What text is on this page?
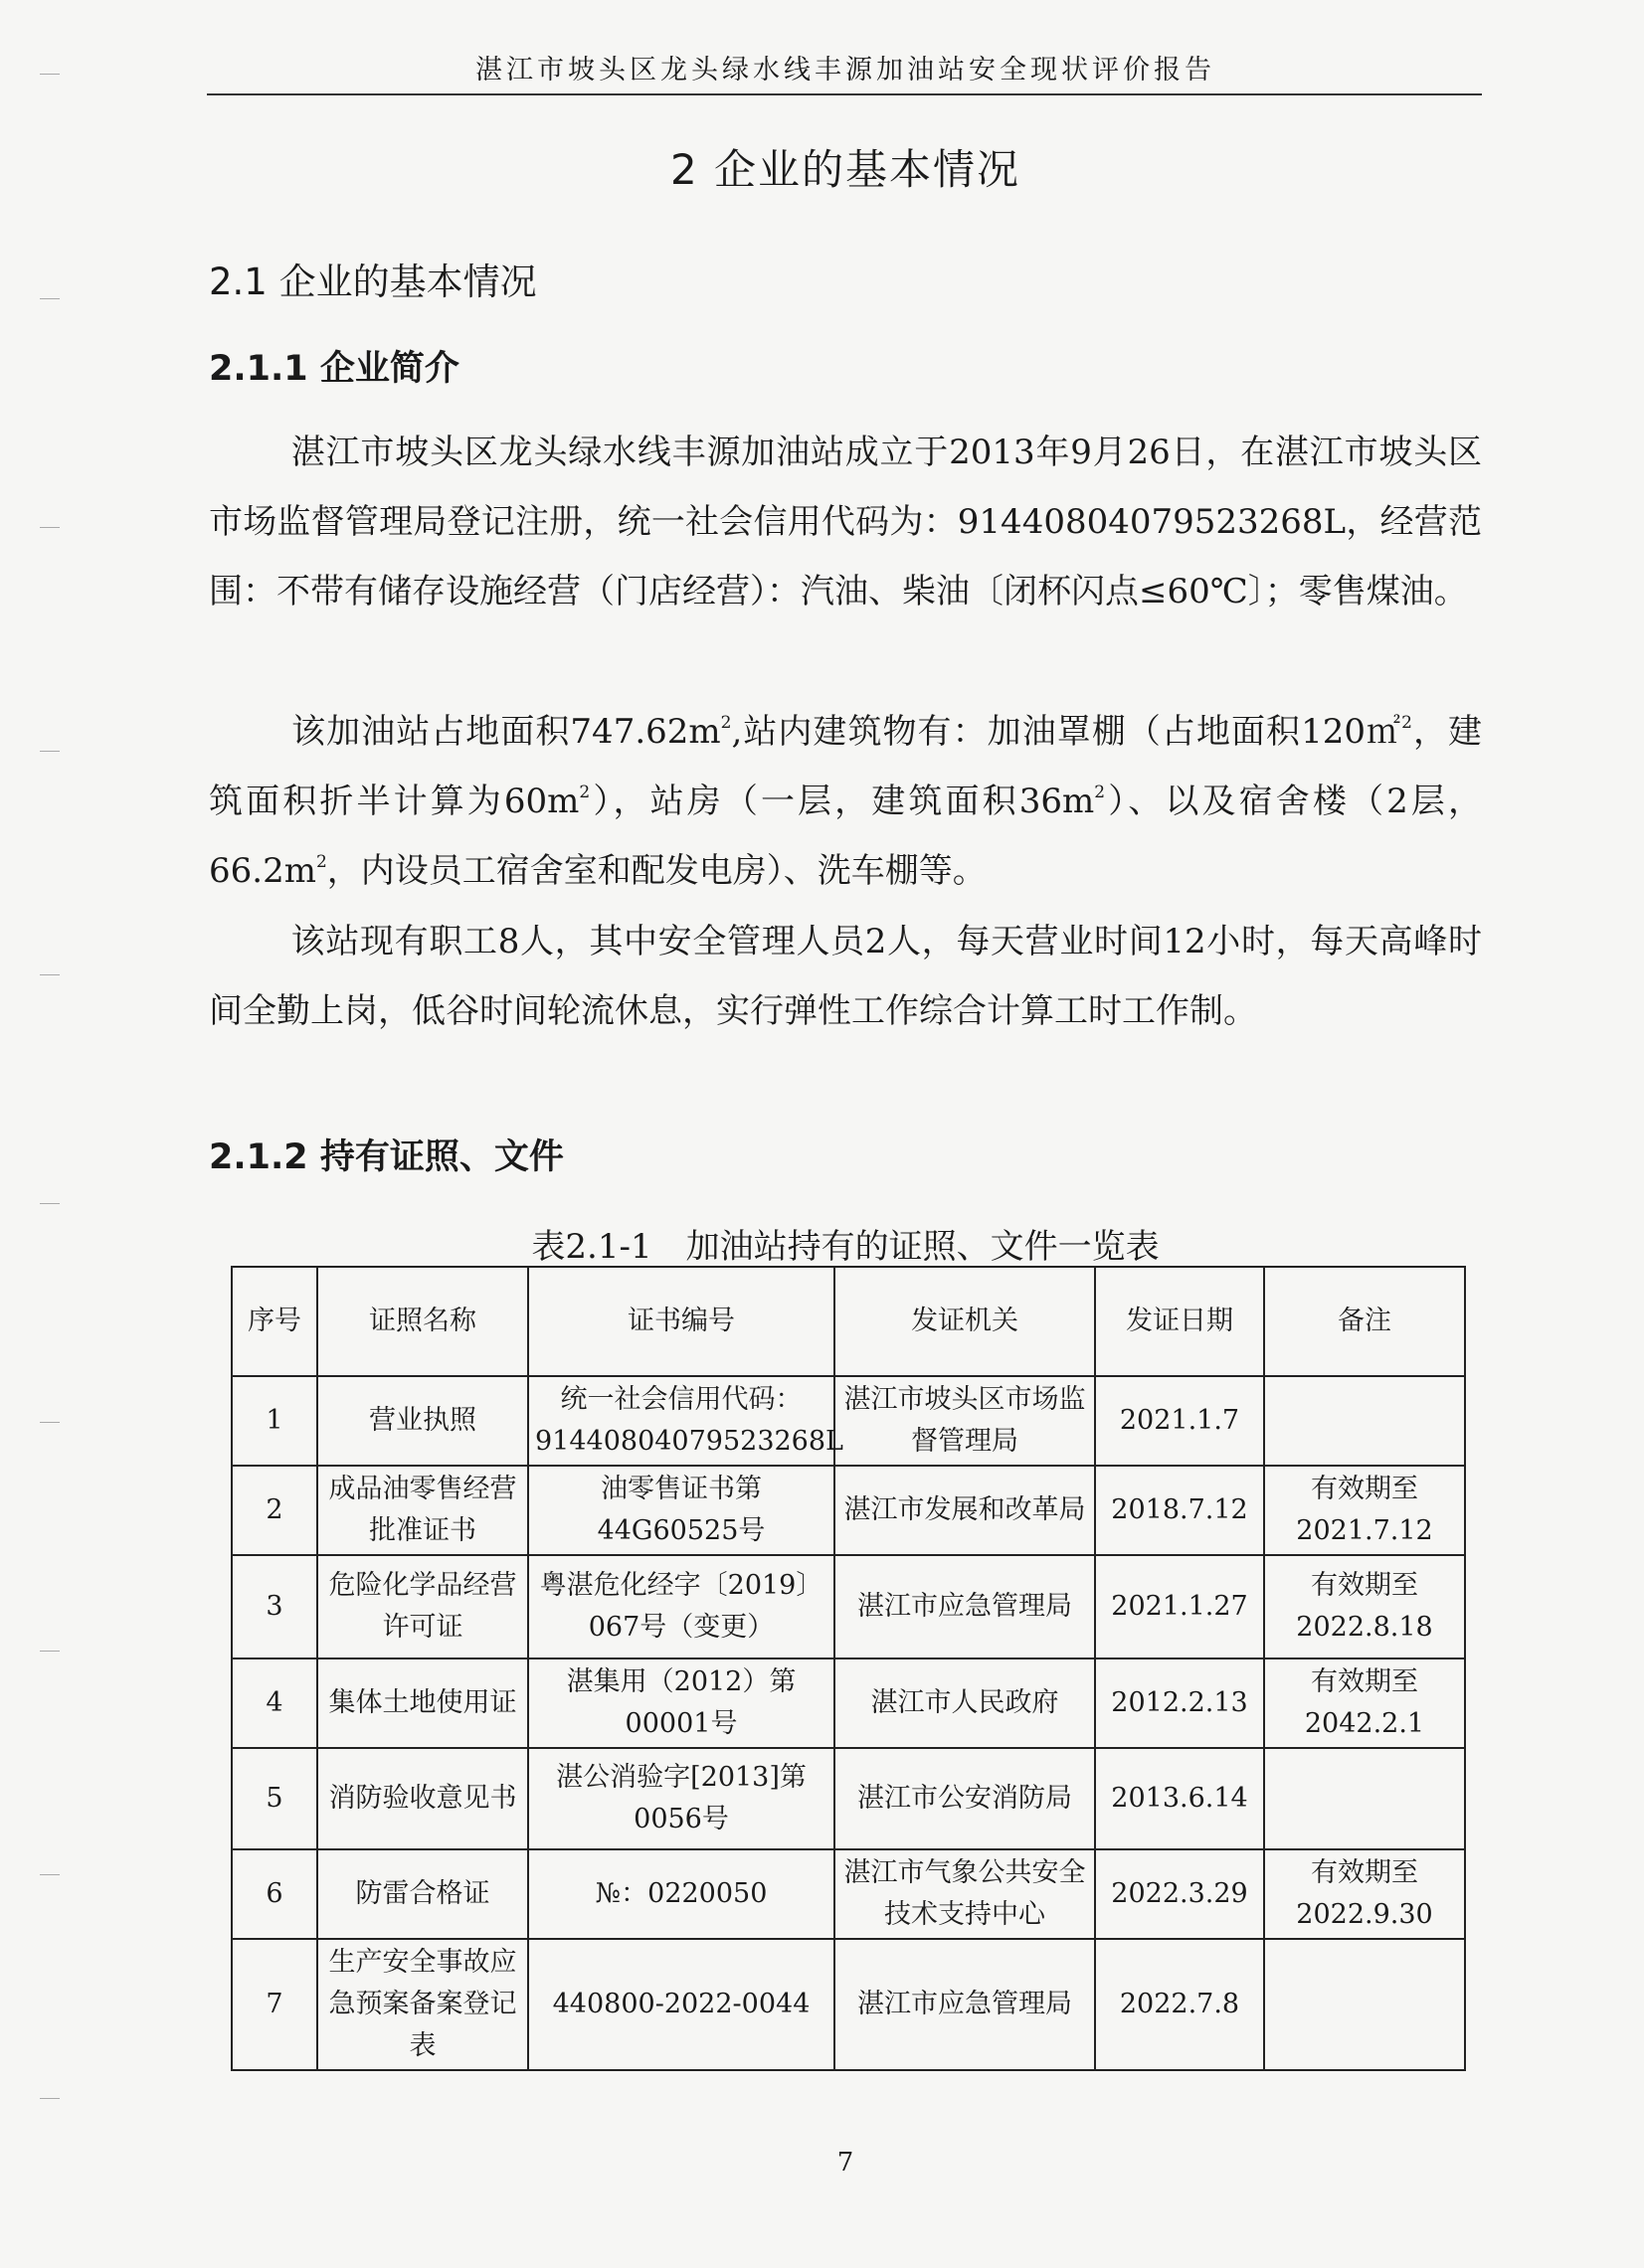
湛江市坡头区龙头绿水线丰源加油站安全现状评价报告
2 企业的基本情况
2.1 企业的基本情况
2.1.1 企业简介
湛江市坡头区龙头绿水线丰源加油站成立于2013年9月26日，在湛江市坡头区市场监督管理局登记注册，统一社会信用代码为：91440804079523268L，经营范围：不带有储存设施经营（门店经营）：汽油、柴油〔闭杯闪点≤60℃〕；零售煤油。
该加油站占地面积$747.62m^2$,站内建筑物有：加油罩棚（占地面积120㎡$^2$，建筑面积折半计算为$60m^2$），站房（一层，建筑面积$36m^2$）、以及宿舍楼（2层，$66.2m^2$，内设员工宿舍室和配发电房）、洗车棚等。
该站现有职工8人，其中安全管理人员2人，每天营业时间12小时，每天高峰时间全勤上岗，低谷时间轮流休息，实行弹性工作综合计算工时工作制。
2.1.2 持有证照、文件
表2.1-1　加油站持有的证照、文件一览表
序号	证照名称	证书编号	发证机关	发证日期	备注
1	营业执照	统一社会信用代码：91440804079523268L	湛江市坡头区市场监督管理局	2021.1.7	
2	成品油零售经营批准证书	油零售证书第44G60525号	湛江市发展和改革局	2018.7.12	有效期至2021.7.12
3	危险化学品经营许可证	粤湛危化经字〔2019〕067号（变更）	湛江市应急管理局	2021.1.27	有效期至2022.8.18
4	集体土地使用证	湛集用（2012）第00001号	湛江市人民政府	2012.2.13	有效期至2042.2.1
5	消防验收意见书	湛公消验字[2013]第0056号	湛江市公安消防局	2013.6.14	
6	防雷合格证	№：0220050	湛江市气象公共安全技术支持中心	2022.3.29	有效期至2022.9.30
7	生产安全事故应急预案备案登记表	440800-2022-0044	湛江市应急管理局	2022.7.8	
7
